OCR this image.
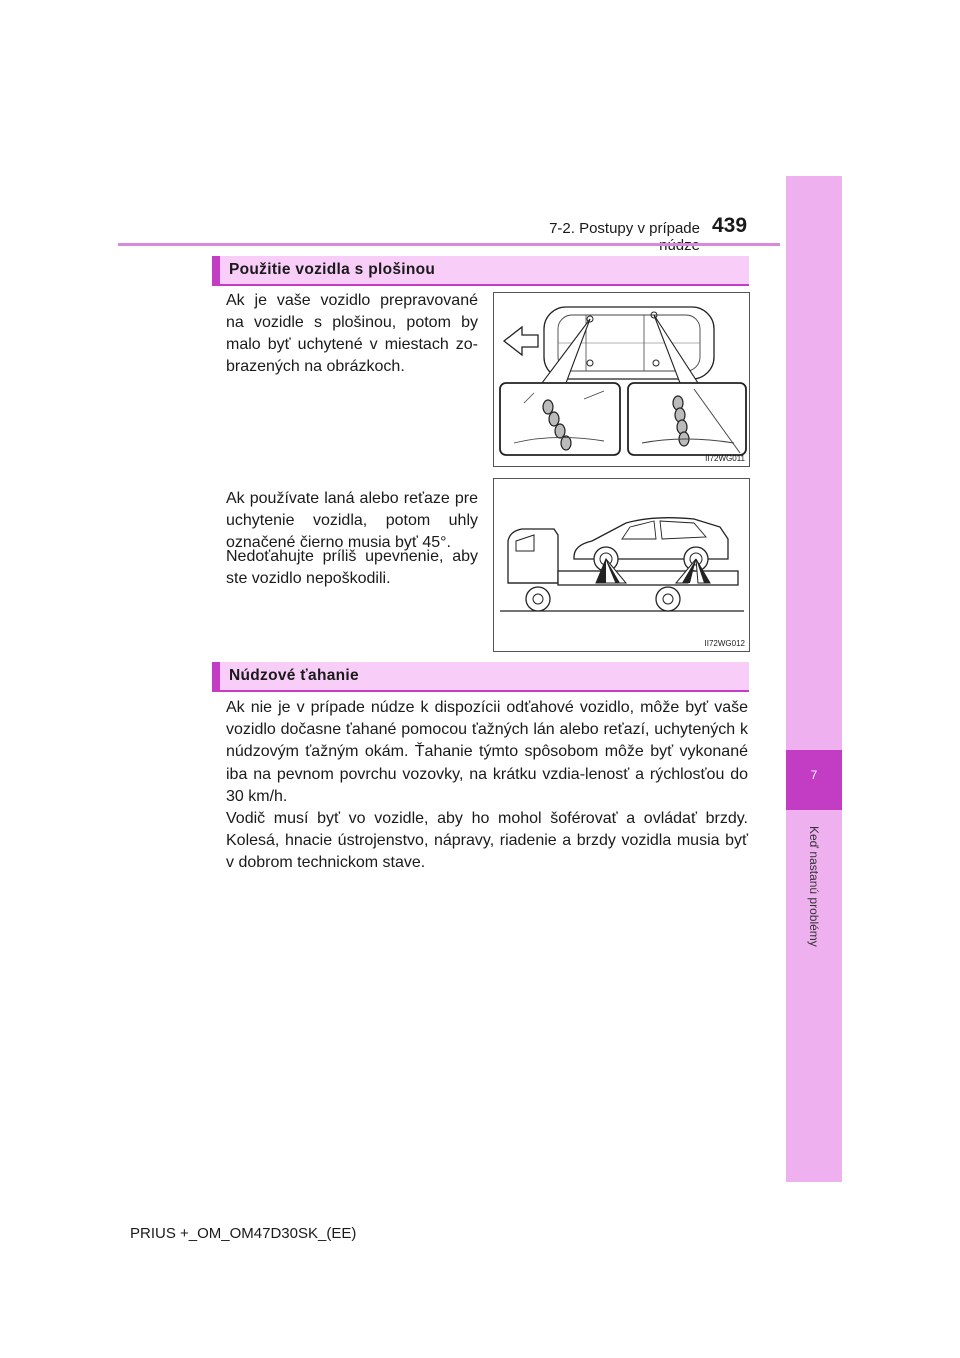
7-2. Postupy v prípade 439
7
Keď nastanú problémy
Použitie vozidla s plošinou

Ak je vaše vozidlo prepravované na vozidle s plošinou, potom by malo byť uchytené v miestach zo-brazených na obrázkoch.

II72WG011

Ak používate laná alebo reťaze pre uchytenie vozidla, potom uhly označené čierno musia byť 45°.

Nedoťahujte príliš upevnenie, aby ste vozidlo nepoškodili.

II72WG012
Núdzové ťahanie

Ak nie je v prípade núdze k dispozícii odťahové vozidlo, môže byť vaše vozidlo dočasne ťahané pomocou ťažných lán alebo reťazí, uchytených k núdzovým ťažným okám. Ťahanie týmto spôsobom môže byť vykonané iba na pevnom povrchu vozovky, na krátku vzdia-lenosť a rýchlosťou do 30 km/h.

Vodič musí byť vo vozidle, aby ho mohol šoférovať a ovládať brzdy. Kolesá, hnacie ústrojenstvo, nápravy, riadenie a brzdy vozidla musia byť v dobrom technickom stave.

PRIUS +_OM_OM47D30SK_(EE)
